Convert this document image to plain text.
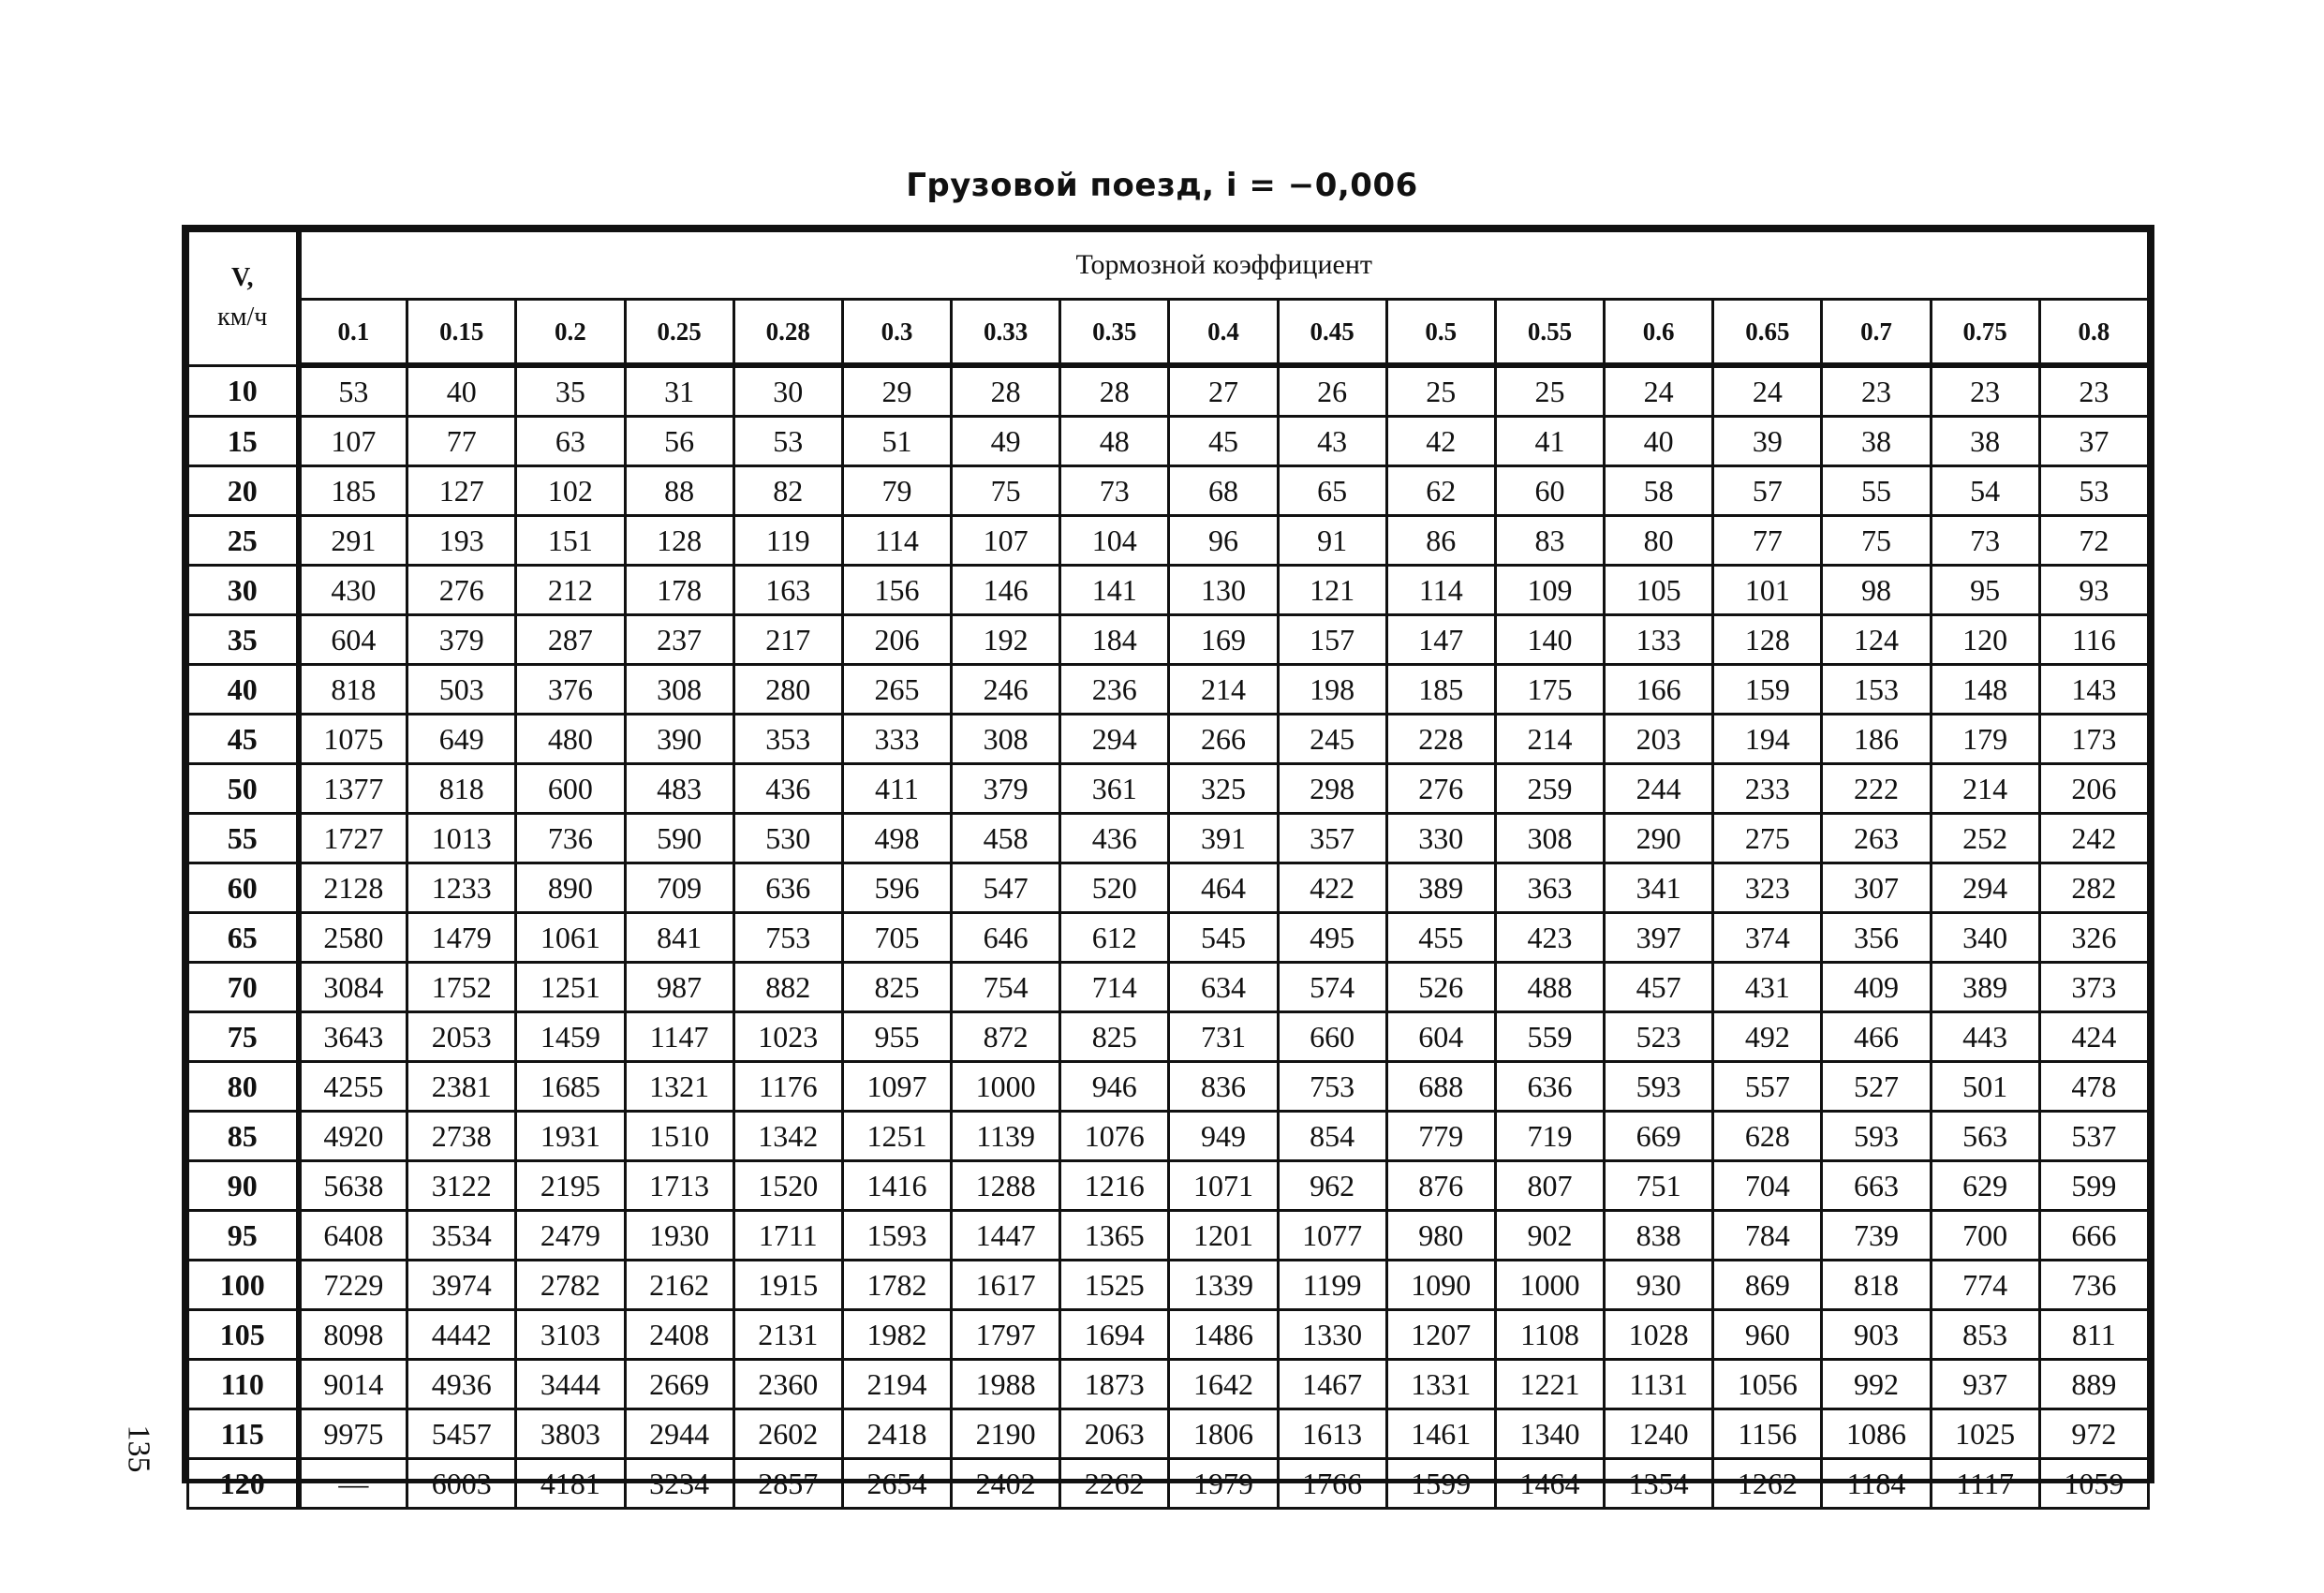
Грузовой поезд, i = −0,006
V,
км/ч	Тормозной коэффициент																
	0.1	0.15	0.2	0.25	0.28	0.3	0.33	0.35	0.4	0.45	0.5	0.55	0.6	0.65	0.7	0.75	0.8
10	53	40	35	31	30	29	28	28	27	26	25	25	24	24	23	23	23
15	107	77	63	56	53	51	49	48	45	43	42	41	40	39	38	38	37
20	185	127	102	88	82	79	75	73	68	65	62	60	58	57	55	54	53
25	291	193	151	128	119	114	107	104	96	91	86	83	80	77	75	73	72
30	430	276	212	178	163	156	146	141	130	121	114	109	105	101	98	95	93
35	604	379	287	237	217	206	192	184	169	157	147	140	133	128	124	120	116
40	818	503	376	308	280	265	246	236	214	198	185	175	166	159	153	148	143
45	1075	649	480	390	353	333	308	294	266	245	228	214	203	194	186	179	173
50	1377	818	600	483	436	411	379	361	325	298	276	259	244	233	222	214	206
55	1727	1013	736	590	530	498	458	436	391	357	330	308	290	275	263	252	242
60	2128	1233	890	709	636	596	547	520	464	422	389	363	341	323	307	294	282
65	2580	1479	1061	841	753	705	646	612	545	495	455	423	397	374	356	340	326
70	3084	1752	1251	987	882	825	754	714	634	574	526	488	457	431	409	389	373
75	3643	2053	1459	1147	1023	955	872	825	731	660	604	559	523	492	466	443	424
80	4255	2381	1685	1321	1176	1097	1000	946	836	753	688	636	593	557	527	501	478
85	4920	2738	1931	1510	1342	1251	1139	1076	949	854	779	719	669	628	593	563	537
90	5638	3122	2195	1713	1520	1416	1288	1216	1071	962	876	807	751	704	663	629	599
95	6408	3534	2479	1930	1711	1593	1447	1365	1201	1077	980	902	838	784	739	700	666
100	7229	3974	2782	2162	1915	1782	1617	1525	1339	1199	1090	1000	930	869	818	774	736
105	8098	4442	3103	2408	2131	1982	1797	1694	1486	1330	1207	1108	1028	960	903	853	811
110	9014	4936	3444	2669	2360	2194	1988	1873	1642	1467	1331	1221	1131	1056	992	937	889
115	9975	5457	3803	2944	2602	2418	2190	2063	1806	1613	1461	1340	1240	1156	1086	1025	972
120	—	6003	4181	3234	2857	2654	2402	2262	1979	1766	1599	1464	1354	1262	1184	1117	1059
135
